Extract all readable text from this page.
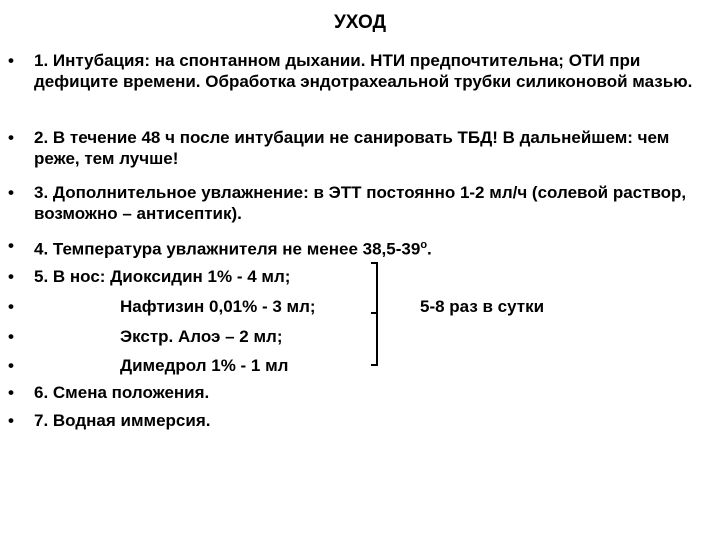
УХОД
•	1. Интубация: на спонтанном дыхании. НТИ предпочтительна; ОТИ при дефиците времени. Обработка эндотрахеальной трубки силиконовой мазью.
•	2. В течение 48 ч после интубации не санировать ТБД! В дальнейшем: чем реже, тем лучше!
•	3. Дополнительное увлажнение: в ЭТТ постоянно 1-2 мл/ч (солевой раствор, возможно – антисептик).
•	4. Температура увлажнителя не менее $38,5-39^о$.
•	5. В нос: Диоксидин 1% - 4 мл;
•	Нафтизин 0,01% - 3 мл;	5-8 раз в сутки
•	Экстр. Алоэ – 2 мл;
•	Димедрол 1% - 1 мл
•	6. Смена положения.
•	7. Водная иммерсия.
